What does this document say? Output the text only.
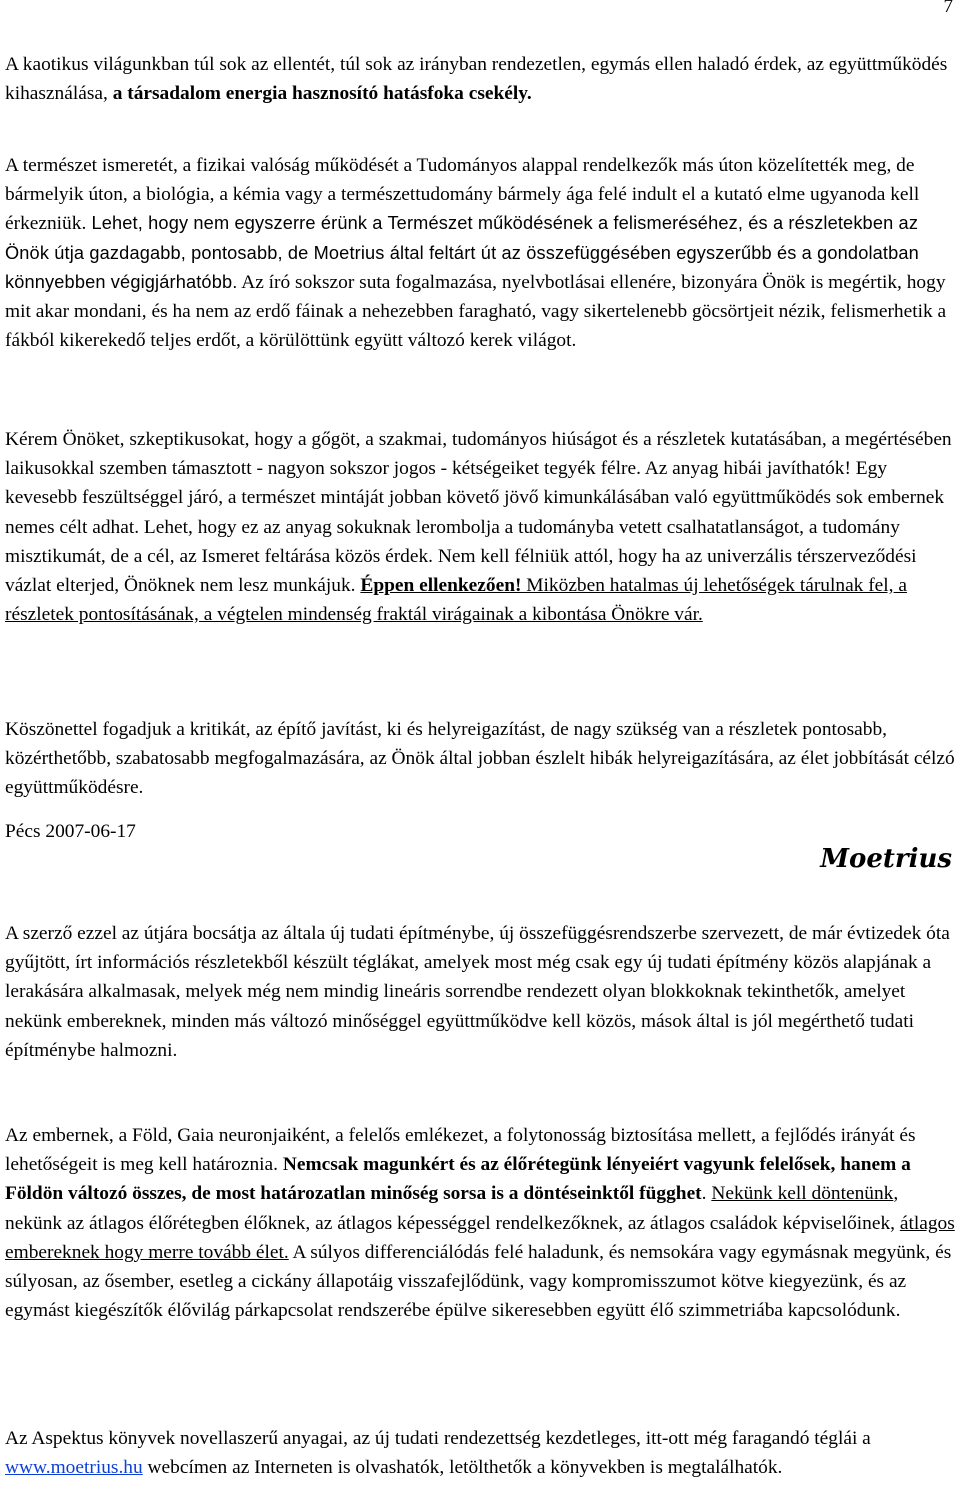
7

A kaotikus világunkban túl sok az ellentét, túl sok az irányban rendezetlen, egymás ellen haladó érdek, az együttműködés kihasználása, a társadalom energia hasznosító hatásfoka csekély.

A természet ismeretét, a fizikai valóság működését a Tudományos alappal rendelkezők más úton közelítették meg, de bármelyik úton, a biológia, a kémia vagy a természettudomány bármely ága felé indult el a kutató elme ugyanoda kell érkezniük. Lehet, hogy nem egyszerre érünk a Természet működésének a felismeréséhez, és a részletekben az Önök útja gazdagabb, pontosabb, de Moetrius által feltárt út az összefüggésében egyszerűbb és a gondolatban könnyebben végigjárhatóbb. Az író sokszor suta fogalmazása, nyelvbotlásai ellenére, bizonyára Önök is megértik, hogy mit akar mondani, és ha nem az erdő fáinak a nehezebben faragható, vagy sikertelenebb göcsörtjeit nézik, felismerhetik a fákból kikerekedő teljes erdőt, a körülöttünk együtt változó kerek világot.

Kérem Önöket, szkeptikusokat, hogy a gőgöt, a szakmai, tudományos hiúságot és a részletek kutatásában, a megértésében laikusokkal szemben támasztott - nagyon sokszor jogos - kétségeiket tegyék félre. Az anyag hibái javíthatók! Egy kevesebb feszültséggel járó, a természet mintáját jobban követő jövő kimunkálásában való együttműködés sok embernek nemes célt adhat. Lehet, hogy ez az anyag sokuknak lerombolja a tudományba vetett csalhatatlanságot, a tudomány misztikumát, de a cél, az Ismeret feltárása közös érdek. Nem kell félniük attól, hogy ha az univerzális térszerveződési vázlat elterjed, Önöknek nem lesz munkájuk. Éppen ellenkezően! Miközben hatalmas új lehetőségek tárulnak fel, a részletek pontosításának, a végtelen mindenség fraktál virágainak a kibontása Önökre vár.

Köszönettel fogadjuk a kritikát, az építő javítást, ki és helyreigazítást, de nagy szükség van a részletek pontosabb, közérthetőbb, szabatosabb megfogalmazására, az Önök által jobban észlelt hibák helyreigazítására, az élet jobbítását célzó együttműködésre.

Pécs 2007-06-17

Moetrius

A szerző ezzel az útjára bocsátja az általa új tudati építménybe, új összefüggésrendszerbe szervezett, de már évtizedek óta gyűjtött, írt információs részletekből készült téglákat, amelyek most még csak egy új tudati építmény közös alapjának a lerakására alkalmasak, melyek még nem mindig lineáris sorrendbe rendezett olyan blokkoknak tekinthetők, amelyet nekünk embereknek, minden más változó minőséggel együttműködve kell közös, mások által is jól megérthető tudati építménybe halmozni.

Az embernek, a Föld, Gaia neuronjaiként, a felelős emlékezet, a folytonosság biztosítása mellett, a fejlődés irányát és lehetőségeit is meg kell határoznia. Nemcsak magunkért és az élőrétegünk lényeiért vagyunk felelősek, hanem a Földön változó összes, de most határozatlan minőség sorsa is a döntéseinktől függhet. Nekünk kell döntenünk, nekünk az átlagos élőrétegben élőknek, az átlagos képességgel rendelkezőknek, az átlagos családok képviselőinek, átlagos embereknek hogy merre tovább élet. A súlyos differenciálódás felé haladunk, és nemsokára vagy egymásnak megyünk, és súlyosan, az ősember, esetleg a cickány állapotáig visszafejlődünk, vagy kompromisszumot kötve kiegyezünk, és az egymást kiegészítők élővilág párkapcsolat rendszerébe épülve sikeresebben együtt élő szimmetriába kapcsolódunk.

Az Aspektus könyvek novellaszerű anyagai, az új tudati rendezettség kezdetleges, itt-ott még faragandó téglái a www.moetrius.hu webcímen az Interneten is olvashatók, letölthetők a könyvekben is megtalálhatók.
